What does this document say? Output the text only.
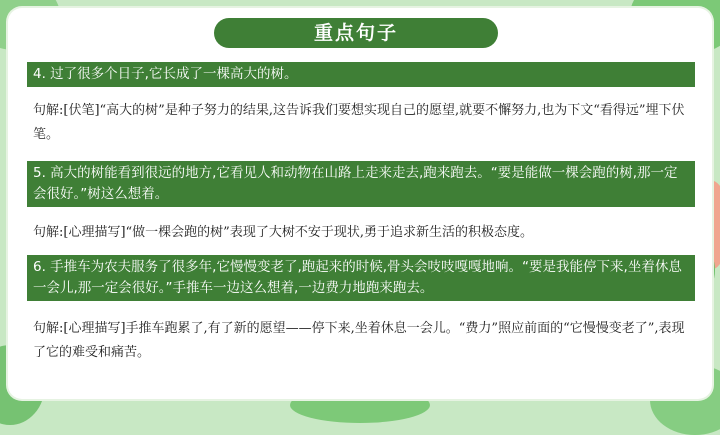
重点句子
4. 过了很多个日子,它长成了一棵高大的树。
句解:[伏笔]“高大的树”是种子努力的结果,这告诉我们要想实现自己的愿望,就要不懈努力,也为下文“看得远”埋下伏笔。
5. 高大的树能看到很远的地方,它看见人和动物在山路上走来走去,跑来跑去。“要是能做一棵会跑的树,那一定会很好。”树这么想着。
句解:[心理描写]“做一棵会跑的树”表现了大树不安于现状,勇于追求新生活的积极态度。
6. 手推车为农夫服务了很多年,它慢慢变老了,跑起来的时候,骨头会吱吱嘎嘎地响。“要是我能停下来,坐着休息一会儿,那一定会很好。”手推车一边这么想着,一边费力地跑来跑去。
句解:[心理描写]手推车跑累了,有了新的愿望——停下来,坐着休息一会儿。“费力”照应前面的“它慢慢变老了”,表现了它的难受和痛苦。
